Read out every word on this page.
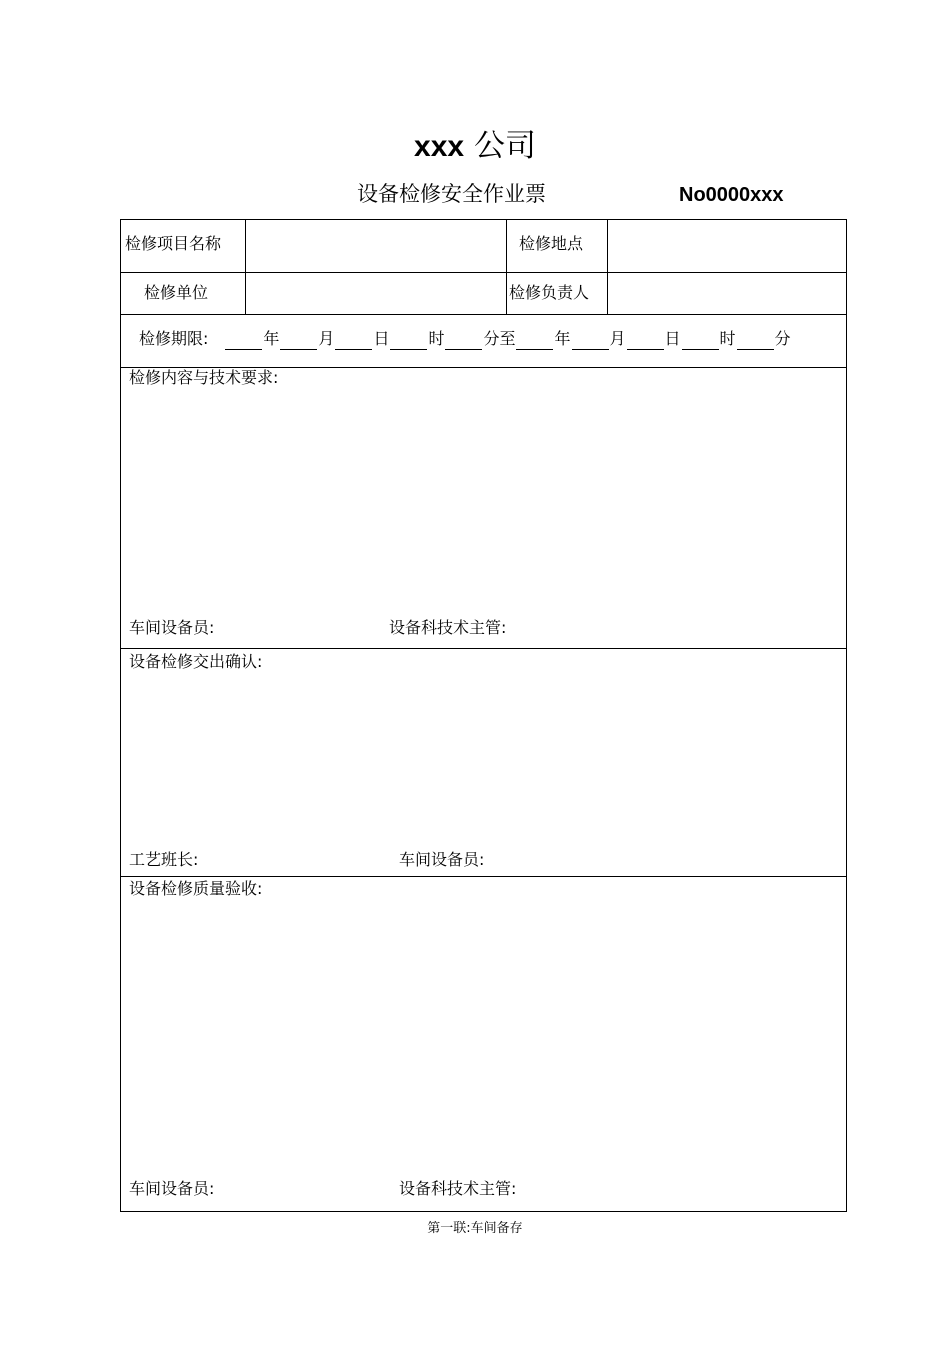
xxx 公司
设备检修安全作业票	No0000xxx
检修项目名称	检修地点
检修单位	检修负责人
检修期限:	年 月 日 时 分至 年 月 日 时 分
检修内容与技术要求:
车间设备员:	设备科技术主管:
设备检修交出确认:
工艺班长:	车间设备员:
设备检修质量验收:
车间设备员:	设备科技术主管:
第一联:车间备存
